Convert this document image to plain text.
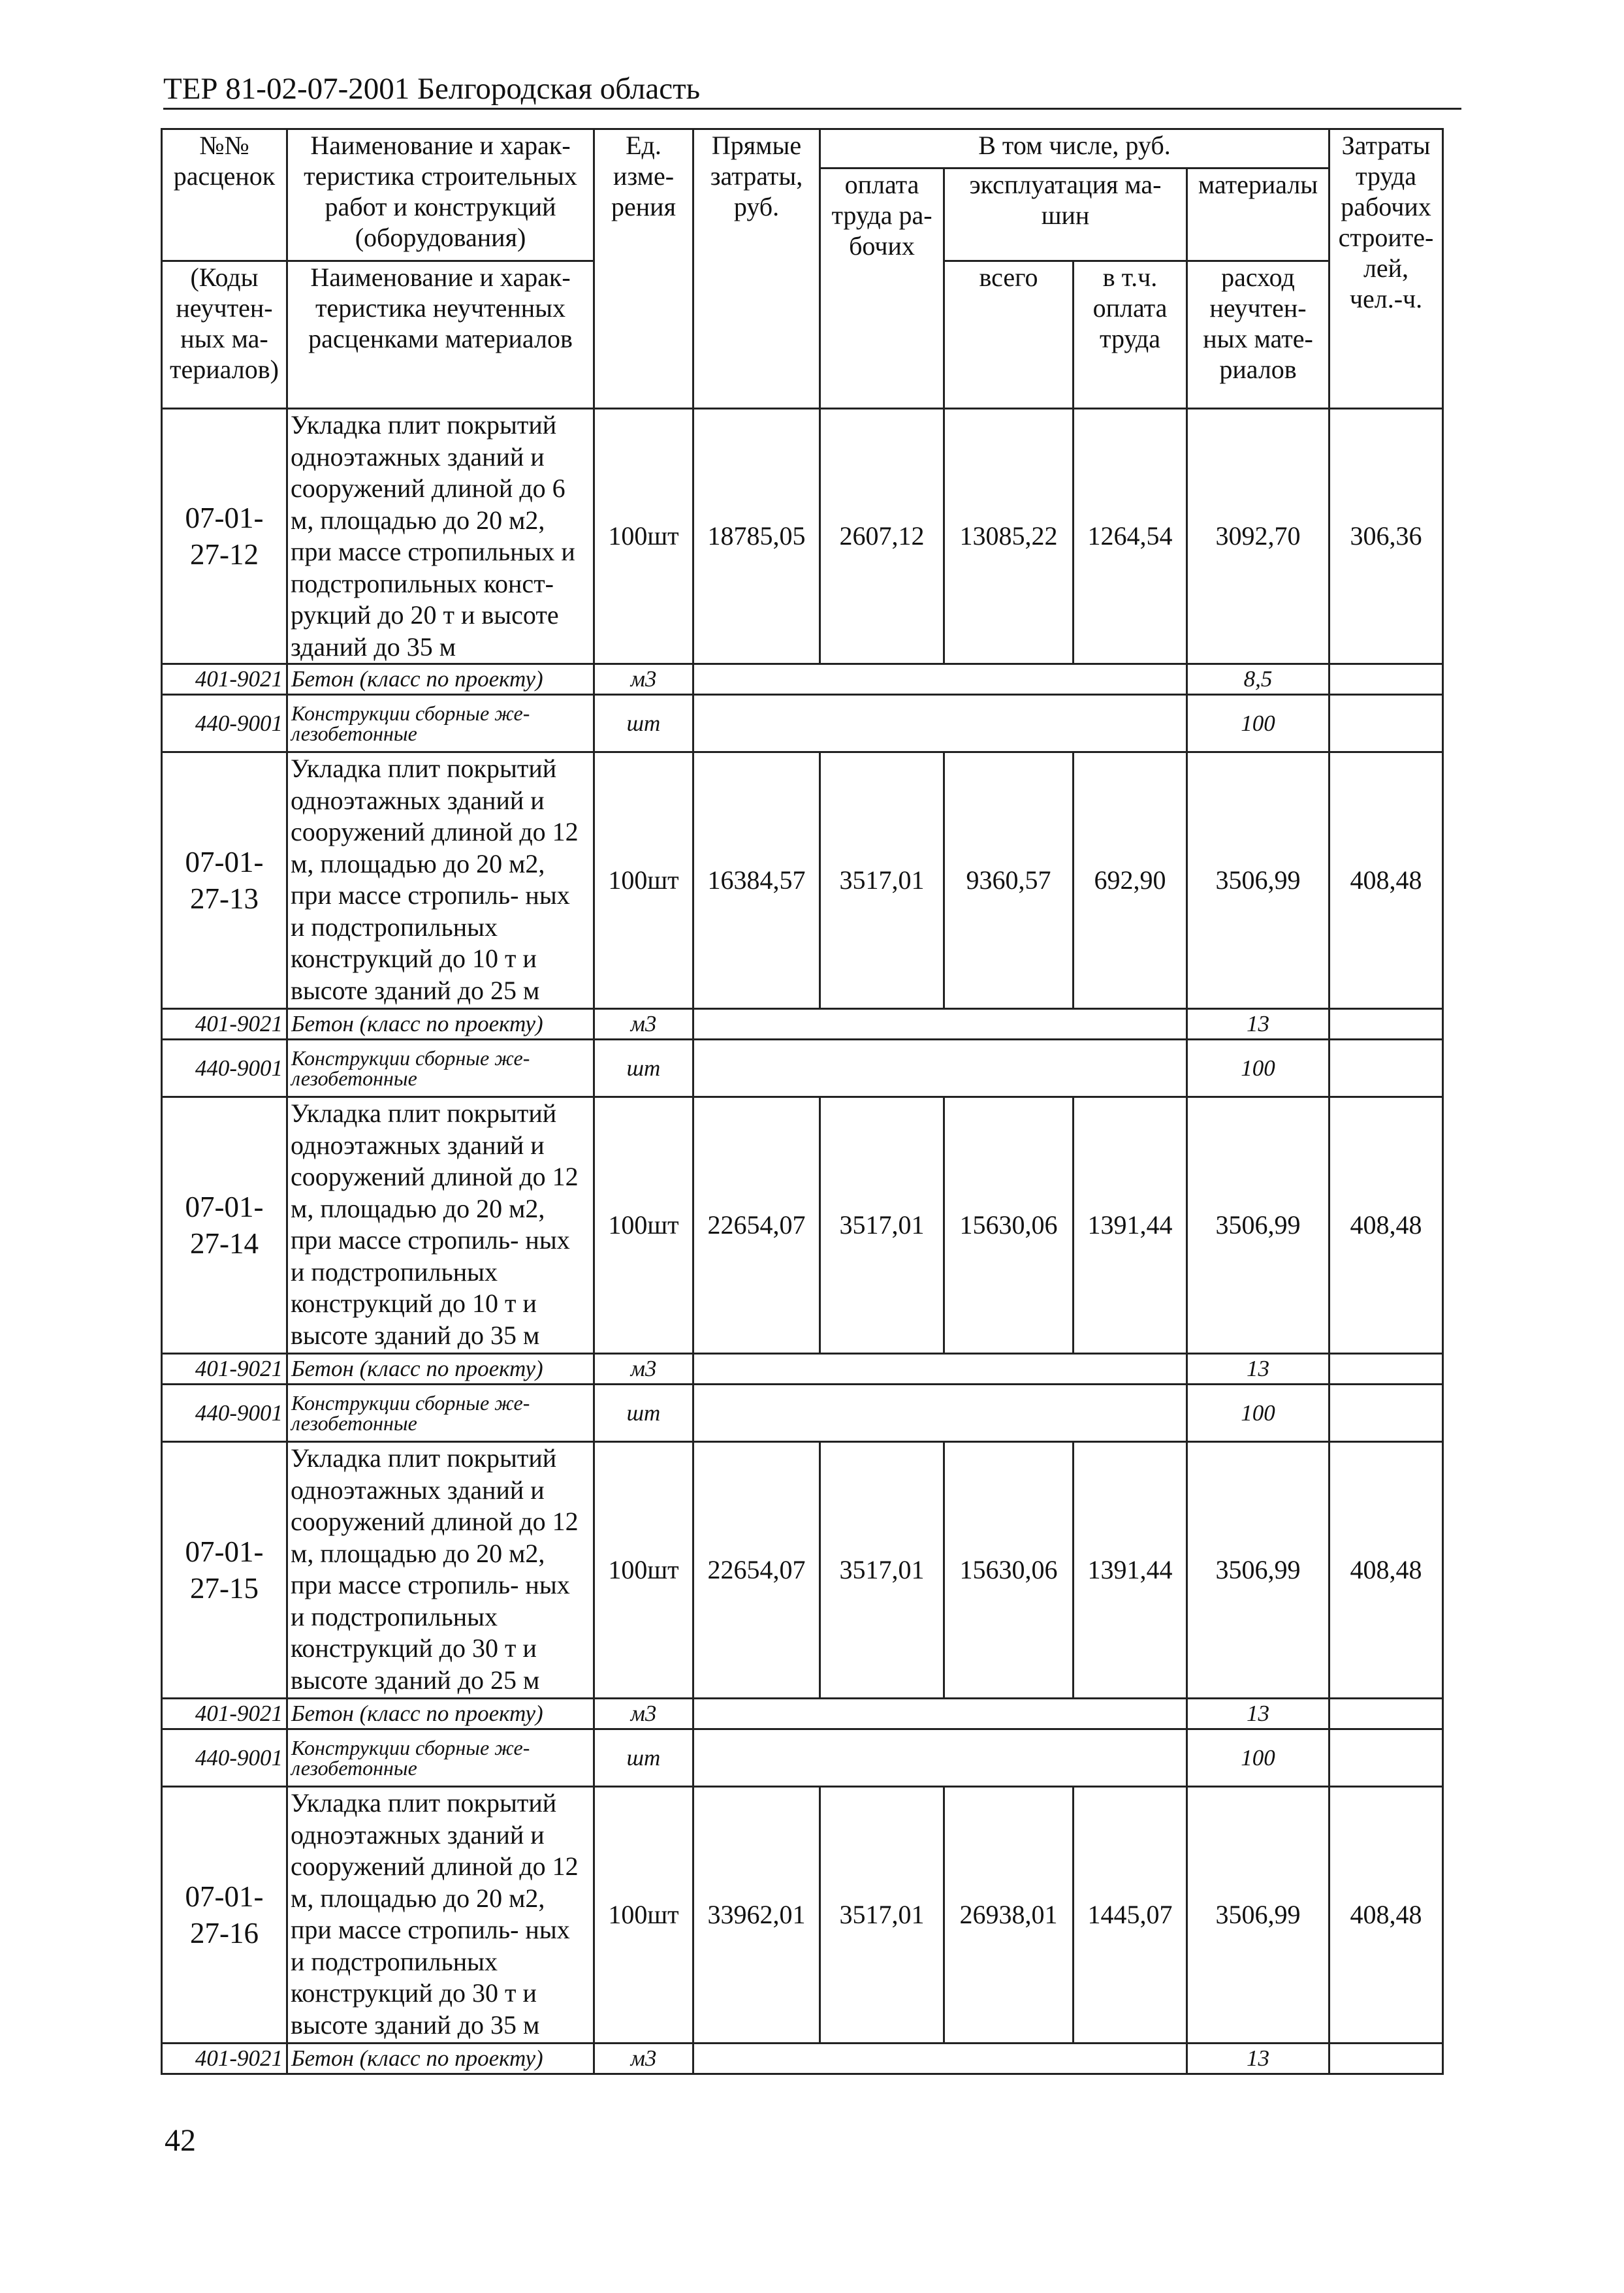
ТЕР 81-02-07-2001 Белгородская область
№№ расценок	Наименование и харак- теристика строительных работ и конструкций (оборудования)	Ед. изме- рения	Прямые затраты, руб.	В том числе, руб.				Затраты труда рабочих строите- лей, чел.-ч.
				оплата труда ра- бочих	эксплуатация ма- шин		материалы	
(Коды неучтен- ных ма- териалов)	Наименование и харак- теристика неучтенных расценками материалов				всего	в т.ч. оплата труда	расход неучтен- ных мате- риалов	

07-01- 27-12	Укладка плит покрытий одноэтажных зданий и сооружений длиной до 6 м, площадью до 20 м2, при массе стропильных и подстропильных конст- рукций до 20 т и высоте зданий до 35 м	100шт	18785,05	2607,12	13085,22	1264,54	3092,70	306,36
401-9021	Бетон (класс по проекту)	м3					8,5	
440-9001	Конструкции сборные же- лезобетонные	шт					100	
07-01- 27-13	Укладка плит покрытий одноэтажных зданий и сооружений длиной до 12 м, площадью до 20 м2, при массе стропиль- ных и подстропильных конструкций до 10 т и высоте зданий до 25 м	100шт	16384,57	3517,01	9360,57	692,90	3506,99	408,48
401-9021	Бетон (класс по проекту)	м3					13	
440-9001	Конструкции сборные же- лезобетонные	шт					100	
07-01- 27-14	Укладка плит покрытий одноэтажных зданий и сооружений длиной до 12 м, площадью до 20 м2, при массе стропиль- ных и подстропильных конструкций до 10 т и высоте зданий до 35 м	100шт	22654,07	3517,01	15630,06	1391,44	3506,99	408,48
401-9021	Бетон (класс по проекту)	м3					13	
440-9001	Конструкции сборные же- лезобетонные	шт					100	
07-01- 27-15	Укладка плит покрытий одноэтажных зданий и сооружений длиной до 12 м, площадью до 20 м2, при массе стропиль- ных и подстропильных конструкций до 30 т и высоте зданий до 25 м	100шт	22654,07	3517,01	15630,06	1391,44	3506,99	408,48
401-9021	Бетон (класс по проекту)	м3					13	
440-9001	Конструкции сборные же- лезобетонные	шт					100	
07-01- 27-16	Укладка плит покрытий одноэтажных зданий и сооружений длиной до 12 м, площадью до 20 м2, при массе стропиль- ных и подстропильных конструкций до 30 т и высоте зданий до 35 м	100шт	33962,01	3517,01	26938,01	1445,07	3506,99	408,48
401-9021	Бетон (класс по проекту)	м3					13	
42
